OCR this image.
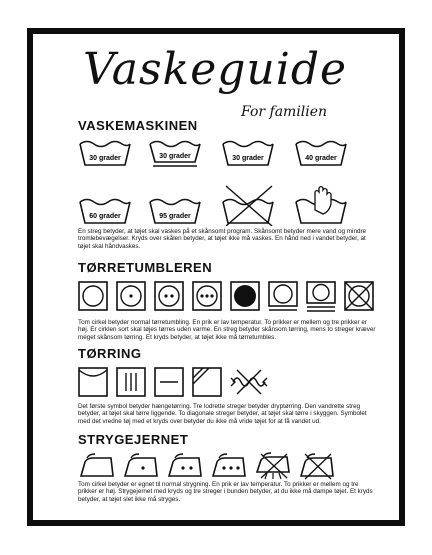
Vaskeguide
For familien
VASKEMASKINEN
30 grader	30 grader	30 grader	40 grader
60 grader	95 grader
En streg betyder, at tøjet skal vaskes på et skånsomt program. Skånsomt betyder mere vand og mindre tromlebevægelser. Kryds over skålen betyder, at tøjet ikke må vaskes. En hånd ned i vandet betyder, at tøjet skal håndvaskes.
TØRRETUMBLEREN
Tom cirkel betyder normal tørretumbling. En prik er lav temperatur. To prikker er mellem og tre prikker er høj. Er cirklen sort skal tøjes tørres uden varme. En streg betyder skånsom tørring, mens to streger kræver meget skånsom tørring. Et kryds betyder, at tøjet ikke må tørretumbles.
TØRRING
Det første symbol betyder hængetørring. Tre lodrette streger betyder dryptørring. Den vandrette streg betyder, at tøjet skal tørre liggende. To diagonale streger betyder, at tøjet skal tørre i skyggen. Symbolet med det vredne tøj med et kryds over betyder du ikke må vride tøjet for at få vandet ud.
STRYGEJERNET
Tom cirkel betyder er egnet til normal strygning. En prik er lav temperatur. To prikker er mellem og tre prikker er høj. Strygejernet med kryds og tre streger i bunden betyder, at du ikke må dampe tøjet. Et kryds betyder, at tøjet slet ikke må stryges.
